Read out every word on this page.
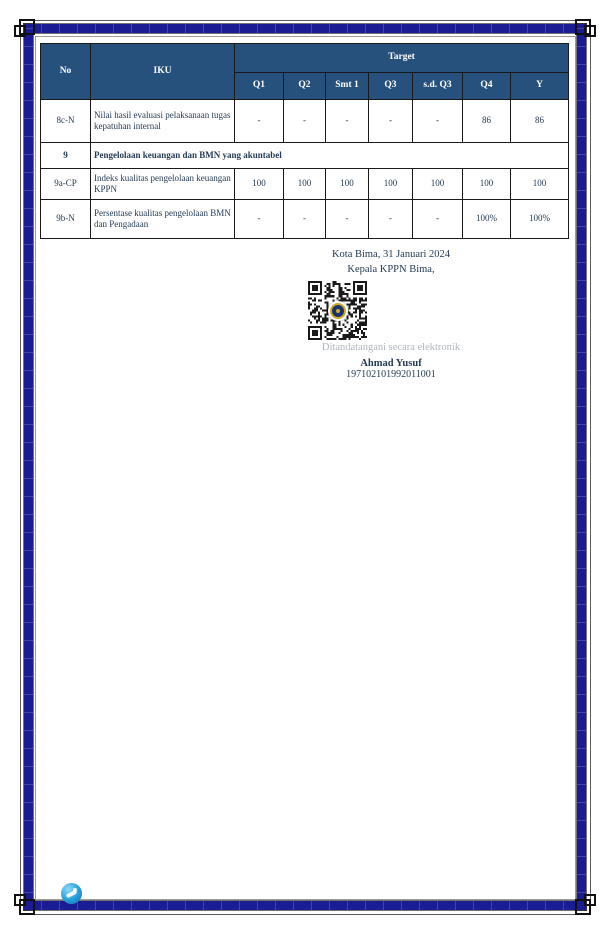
No	IKU	Target						
		Q1	Q2	Smt 1	Q3	s.d. Q3	Q4	Y
8c-N	Nilai hasil evaluasi pelaksanaan tugas kepatuhan internal	-	-	-	-	-	86	86
9	Pengelolaan keuangan dan BMN yang akuntabel							
9a-CP	Indeks kualitas pengelolaan keuangan KPPN	100	100	100	100	100	100	100
9b-N	Persentase kualitas pengelolaan BMN dan Pengadaan	-	-	-	-	-	100%	100%
Kota Bima, 31 Januari 2024
Kepala KPPN Bima,
Ditandatangani secara elektronik
Ahmad Yusuf
197102101992011001
